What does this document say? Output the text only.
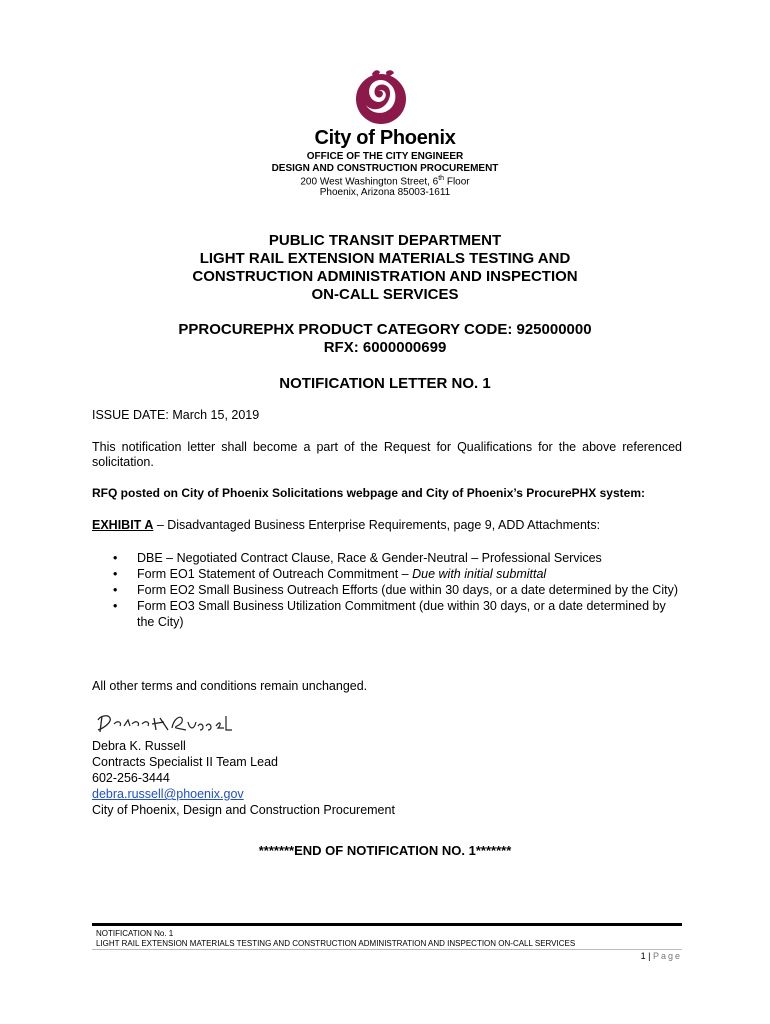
City of Phoenix
OFFICE OF THE CITY ENGINEER
DESIGN AND CONSTRUCTION PROCUREMENT
200 West Washington Street, 6th Floor
Phoenix, Arizona 85003-1611
PUBLIC TRANSIT DEPARTMENT
LIGHT RAIL EXTENSION MATERIALS TESTING AND
CONSTRUCTION ADMINISTRATION AND INSPECTION
ON-CALL SERVICES
PPROCUREPHX PRODUCT CATEGORY CODE: 925000000
RFX: 6000000699
NOTIFICATION LETTER NO. 1
ISSUE DATE: March 15, 2019
This notification letter shall become a part of the Request for Qualifications for the above referenced solicitation.
RFQ posted on City of Phoenix Solicitations webpage and City of Phoenix’s ProcurePHX system:
EXHIBIT A – Disadvantaged Business Enterprise Requirements, page 9, ADD Attachments:
• DBE – Negotiated Contract Clause, Race & Gender-Neutral – Professional Services
• Form EO1 Statement of Outreach Commitment – Due with initial submittal
• Form EO2 Small Business Outreach Efforts (due within 30 days, or a date determined by the City)
• Form EO3 Small Business Utilization Commitment (due within 30 days, or a date determined by the City)
All other terms and conditions remain unchanged.
Debra K. Russell
Contracts Specialist II Team Lead
602-256-3444
debra.russell@phoenix.gov
City of Phoenix, Design and Construction Procurement
*******END OF NOTIFICATION NO. 1*******
NOTIFICATION No. 1
LIGHT RAIL EXTENSION MATERIALS TESTING AND CONSTRUCTION ADMINISTRATION AND INSPECTION ON-CALL SERVICES
1 | Page
